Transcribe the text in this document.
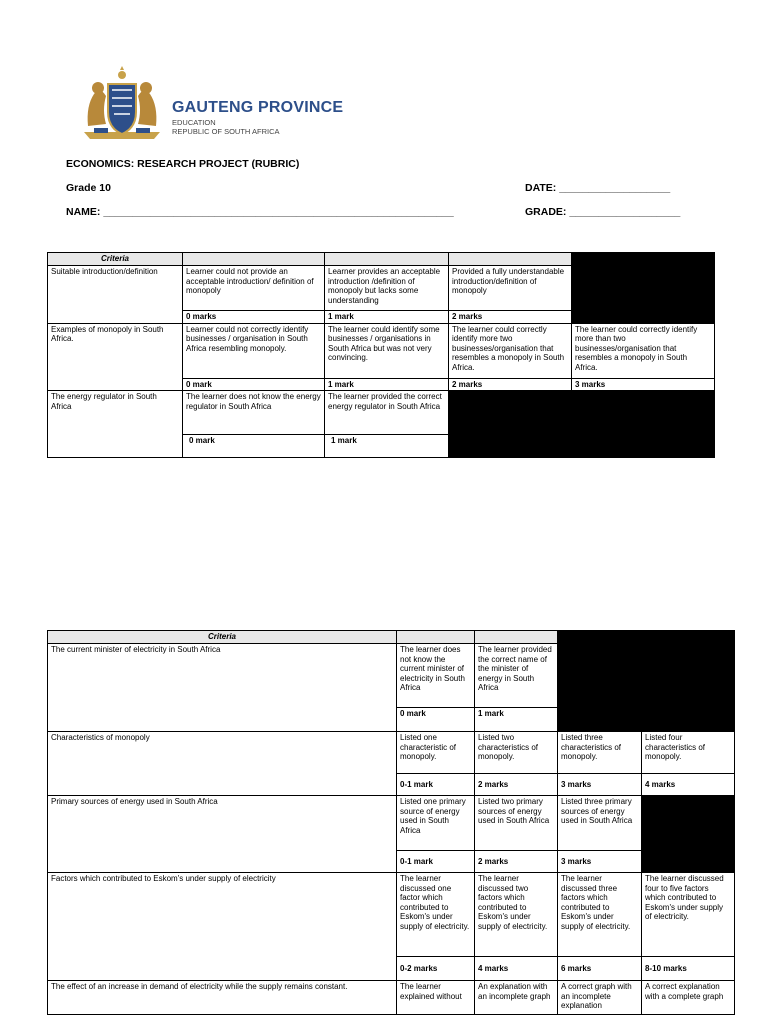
GAUTENG PROVINCE
EDUCATION
REPUBLIC OF SOUTH AFRICA
ECONOMICS: RESEARCH PROJECT (RUBRIC)
Grade 10	DATE: ___________________
NAME: ____________________________________________________________	GRADE: ___________________
Criteria				
Suitable introduction/definition	Learner could not provide an acceptable introduction/ definition of monopoly	Learner provides an acceptable introduction /definition of monopoly but lacks some understanding	Provided a fully understandable introduction/definition of monopoly	
	0 marks	1 mark	2 marks	
Examples of monopoly in South Africa.	Learner could not correctly identify businesses / organisation in South Africa resembling monopoly.	The learner could identify some businesses / organisations in South Africa but was not very convincing.	The learner could correctly identify more two businesses/organisation that resembles a monopoly in South Africa.	The learner could correctly identify more than two businesses/organisation that resembles a monopoly in South Africa.
	0 mark	1 mark	2 marks	3 marks
The energy regulator in South Africa	The learner does not know the energy regulator in South Africa	The learner provided the correct energy regulator in South Africa		
	0 mark	1 mark		
Criteria				
The current minister of electricity in South Africa	The learner does not know the current minister of electricity in South Africa	The learner provided the correct name of the minister of energy in South Africa		
	0 mark	1 mark		
Characteristics of monopoly	Listed one characteristic of monopoly.	Listed two characteristics of monopoly.	Listed three characteristics of monopoly.	Listed four characteristics of monopoly.
	0-1 mark	2 marks	3 marks	4 marks
Primary sources of energy used in South Africa	Listed one primary source of energy used in South Africa	Listed two primary sources of energy used in South Africa	Listed three primary sources of energy used in South Africa	
	0-1 mark	2 marks	3 marks	
Factors which contributed to Eskom's under supply of electricity	The learner discussed one factor which contributed to Eskom's under supply of electricity.	The learner discussed two factors which contributed to Eskom's under supply of electricity.	The learner discussed three factors which contributed to Eskom's under supply of electricity.	The learner discussed four to five factors which contributed to Eskom's under supply of electricity.
	0-2 marks	4 marks	6 marks	8-10 marks
The effect of an increase in demand of electricity while the supply remains constant.	The learner explained without	An explanation with an incomplete graph	A correct graph with an incomplete explanation	A correct explanation with a complete graph
